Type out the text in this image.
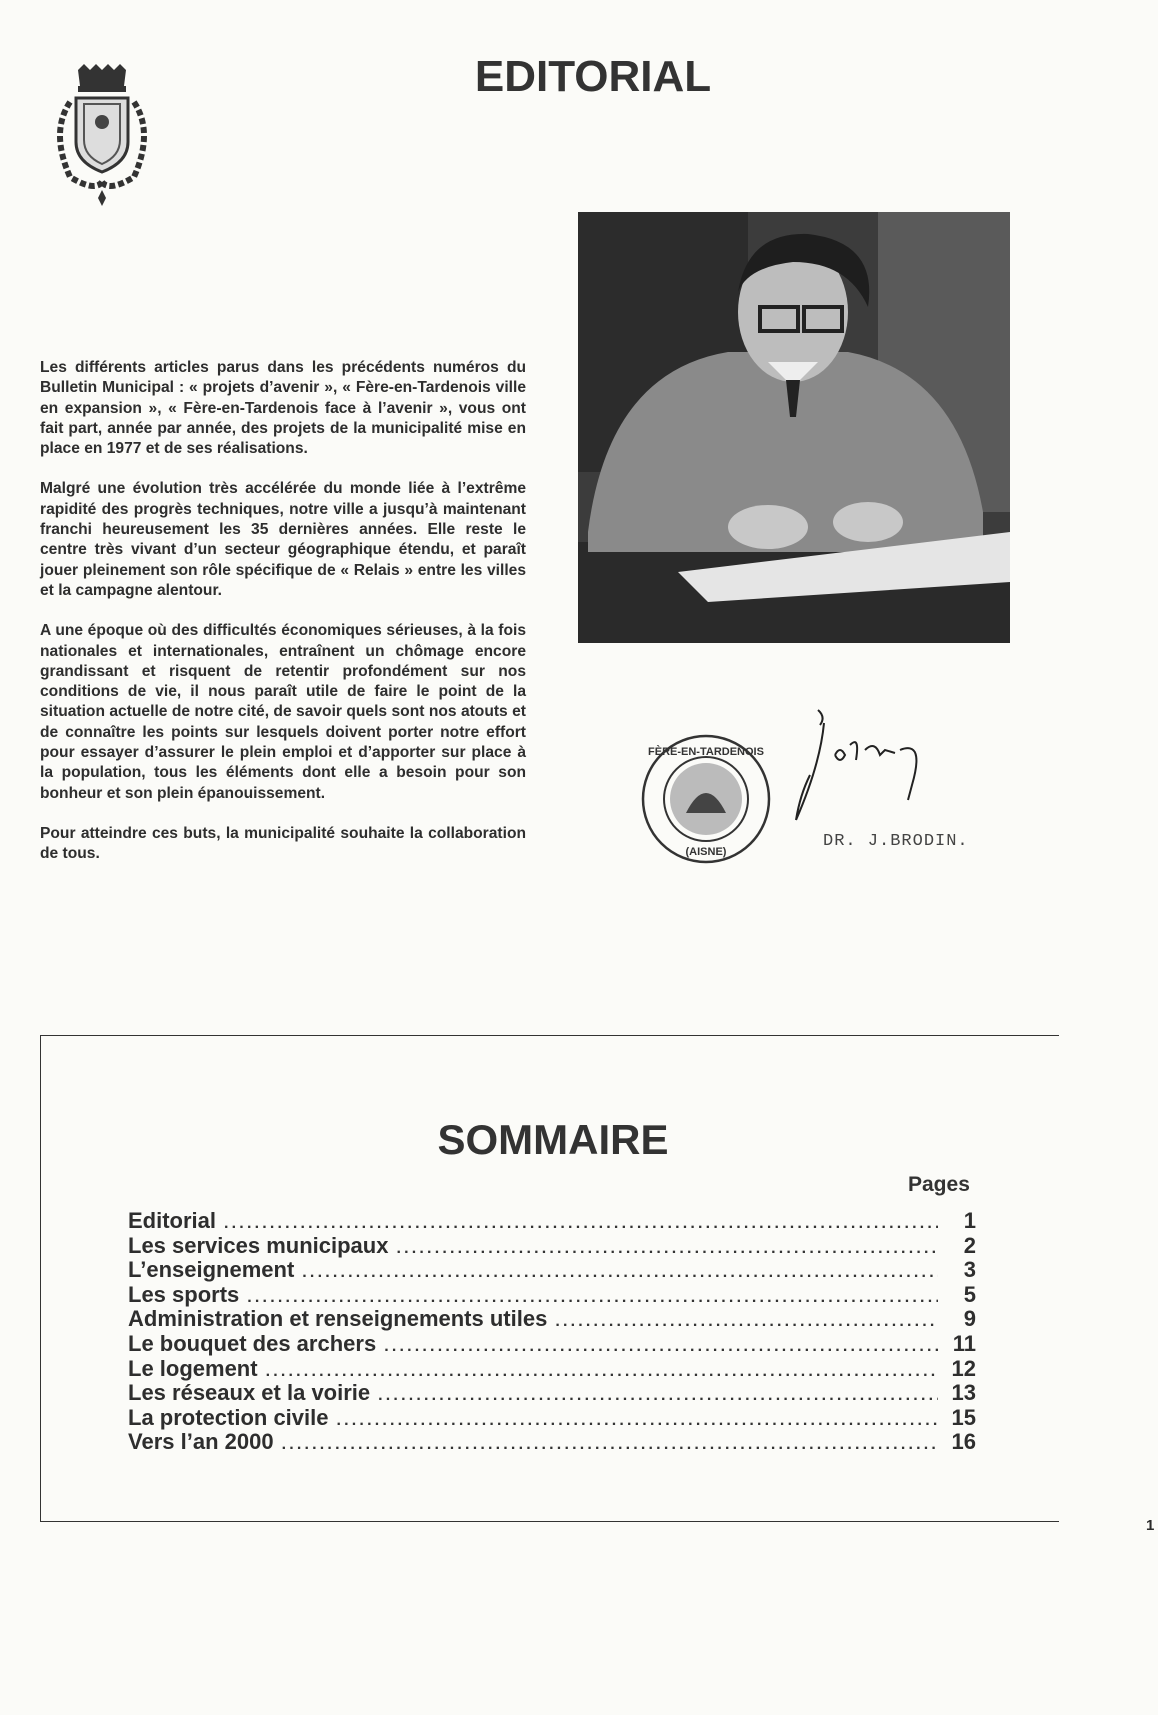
EDITORIAL

Les différents articles parus dans les précédents numéros du Bulletin Municipal : « projets d’avenir », « Fère-en-Tardenois ville en expansion », « Fère-en-Tardenois face à l’avenir », vous ont fait part, année par année, des projets de la municipalité mise en place en 1977 et de ses réalisations.

Malgré une évolution très accélérée du monde liée à l’extrême rapidité des progrès techniques, notre ville a jusqu’à maintenant franchi heureusement les 35 dernières années. Elle reste le centre très vivant d’un secteur géographique étendu, et paraît jouer pleinement son rôle spécifique de « Relais » entre les villes et la campagne alentour.

A une époque où des difficultés économiques sérieuses, à la fois nationales et internationales, entraînent un chômage encore grandissant et risquent de retentir profondément sur nos conditions de vie, il nous paraît utile de faire le point de la situation actuelle de notre cité, de savoir quels sont nos atouts et de connaître les points sur lesquels doivent porter notre effort pour essayer d’assurer le plein emploi et d’apporter sur place à la population, tous les éléments dont elle a besoin pour son bonheur et son plein épanouissement.

Pour atteindre ces buts, la municipalité souhaite la collaboration de tous.

FÈRE-EN-TARDENOIS
(AISNE)
DR. J.BRODIN.
SOMMAIRE
Pages
Editorial .....	1
Les services municipaux .....	2
L’enseignement .....	3
Les sports .....	5
Administration et renseignements utiles .....	9
Le bouquet des archers .....	11
Le logement .....	12
Les réseaux et la voirie .....	13
La protection civile .....	15
Vers l’an 2000 .....	16
1
